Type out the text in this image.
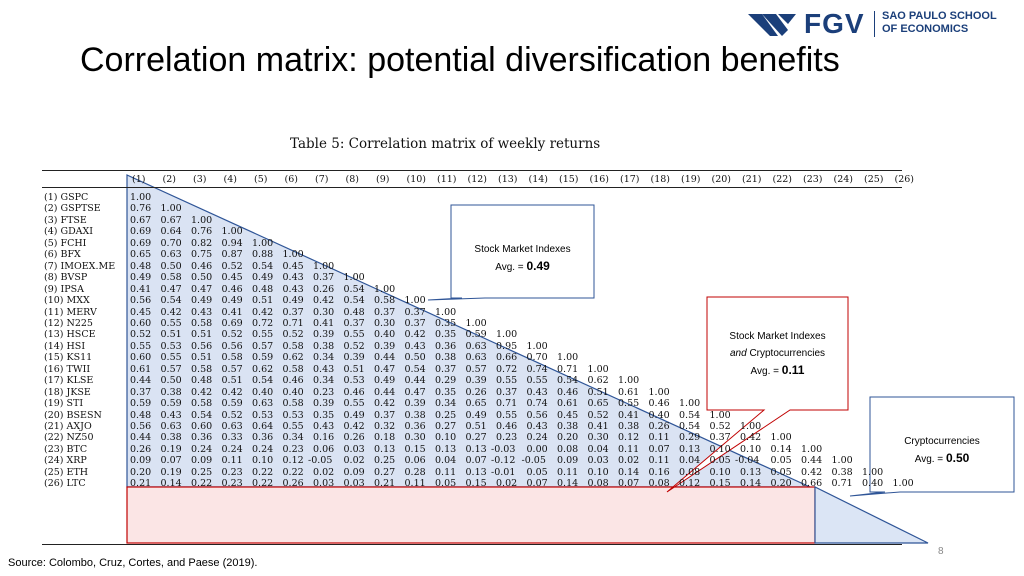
FGV SAO PAULO SCHOOL
OF ECONOMICS
Correlation matrix: potential diversification benefits
Table 5: Correlation matrix of weekly returns
(1) (2) (3) (4) (5) (6) (7) (8) (9) (10) (11) (12) (13) (14) (15) (16) (17) (18) (19) (20) (21) (22) (23) (24) (25) (26)
(1) GSPC	1.00
(2) GSPTSE	0.76 1.00
(3) FTSE	0.67 0.67 1.00
(4) GDAXI	0.69 0.64 0.76 1.00
(5) FCHI	0.69 0.70 0.82 0.94 1.00
(6) BFX	0.65 0.63 0.75 0.87 0.88 1.00
(7) IMOEX.ME 0.48 0.50 0.46 0.52 0.54 0.45 1.00
(8) BVSP	0.49 0.58 0.50 0.45 0.49 0.43 0.37 1.00
(9) IPSA	0.41 0.47 0.47 0.46 0.48 0.43 0.26 0.54 1.00
(10) MXX	0.56 0.54 0.49 0.49 0.51 0.49 0.42 0.54 0.58 1.00
(11) MERV	0.45 0.42 0.43 0.41 0.42 0.37 0.30 0.48 0.37 0.37 1.00
(12) N225	0.60 0.55 0.58 0.69 0.72 0.71 0.41 0.37 0.30 0.37 0.35 1.00
(13) HSCE	0.52 0.51 0.51 0.52 0.55 0.52 0.39 0.55 0.40 0.42 0.35 0.59 1.00
(14) HSI	0.55 0.53 0.56 0.56 0.57 0.58 0.38 0.52 0.39 0.43 0.36 0.63 0.95 1.00
(15) KS11	0.60 0.55 0.51 0.58 0.59 0.62 0.34 0.39 0.44 0.50 0.38 0.63 0.66 0.70 1.00
(16) TWII	0.61 0.57 0.58 0.57 0.62 0.58 0.43 0.51 0.47 0.54 0.37 0.57 0.72 0.74 0.71 1.00
(17) KLSE	0.44 0.50 0.48 0.51 0.54 0.46 0.34 0.53 0.49 0.44 0.29 0.39 0.55 0.55 0.54 0.62 1.00
(18) JKSE	0.37 0.38 0.42 0.42 0.40 0.40 0.23 0.46 0.44 0.47 0.35 0.26 0.37 0.43 0.46 0.51 0.61 1.00
(19) STI	0.59 0.59 0.58 0.59 0.63 0.58 0.39 0.55 0.42 0.39 0.34 0.65 0.71 0.74 0.61 0.65 0.55 0.46 1.00
(20) BSESN	0.48 0.43 0.54 0.52 0.53 0.53 0.35 0.49 0.37 0.38 0.25 0.49 0.55 0.56 0.45 0.52 0.41 0.40 0.54 1.00
(21) AXJO	0.56 0.63 0.60 0.63 0.64 0.55 0.43 0.42 0.32 0.36 0.27 0.51 0.46 0.43 0.38 0.41 0.38 0.26 0.54 0.52 1.00
(22) NZ50	0.44 0.38 0.36 0.33 0.36 0.34 0.16 0.26 0.18 0.30 0.10 0.27 0.23 0.24 0.20 0.30 0.12 0.11 0.29 0.37 0.42 1.00
(23) BTC	0.26 0.19 0.24 0.24 0.24 0.23 0.06 0.03 0.13 0.15 0.13 0.13 -0.03 0.00 0.08 0.04 0.11 0.07 0.13 0.10 0.10 0.14 1.00
(24) XRP	0.09 0.07 0.09 0.11 0.10 0.12 -0.05 0.02 0.25 0.06 0.04 0.07 -0.12 -0.05 0.09 0.03 0.02 0.11 0.04 0.05 -0.04 0.05 0.44 1.00
(25) ETH	0.20 0.19 0.25 0.23 0.22 0.22 0.02 0.09 0.27 0.28 0.11 0.13 -0.01 0.05 0.11 0.10 0.14 0.16 0.08 0.10 0.13 0.05 0.42 0.38 1.00
(26) LTC	0.21 0.14 0.22 0.23 0.22 0.26 0.03 0.03 0.21 0.11 0.05 0.15 0.02 0.07 0.14 0.08 0.07 0.08 0.12 0.15 0.14 0.20 0.66 0.71 0.40 1.00
Stock Market Indexes
Avg. = 0.49
Stock Market Indexes
and Cryptocurrencies
Avg. = 0.11
Cryptocurrencies
Avg. = 0.50
8
Source: Colombo, Cruz, Cortes, and Paese (2019).
